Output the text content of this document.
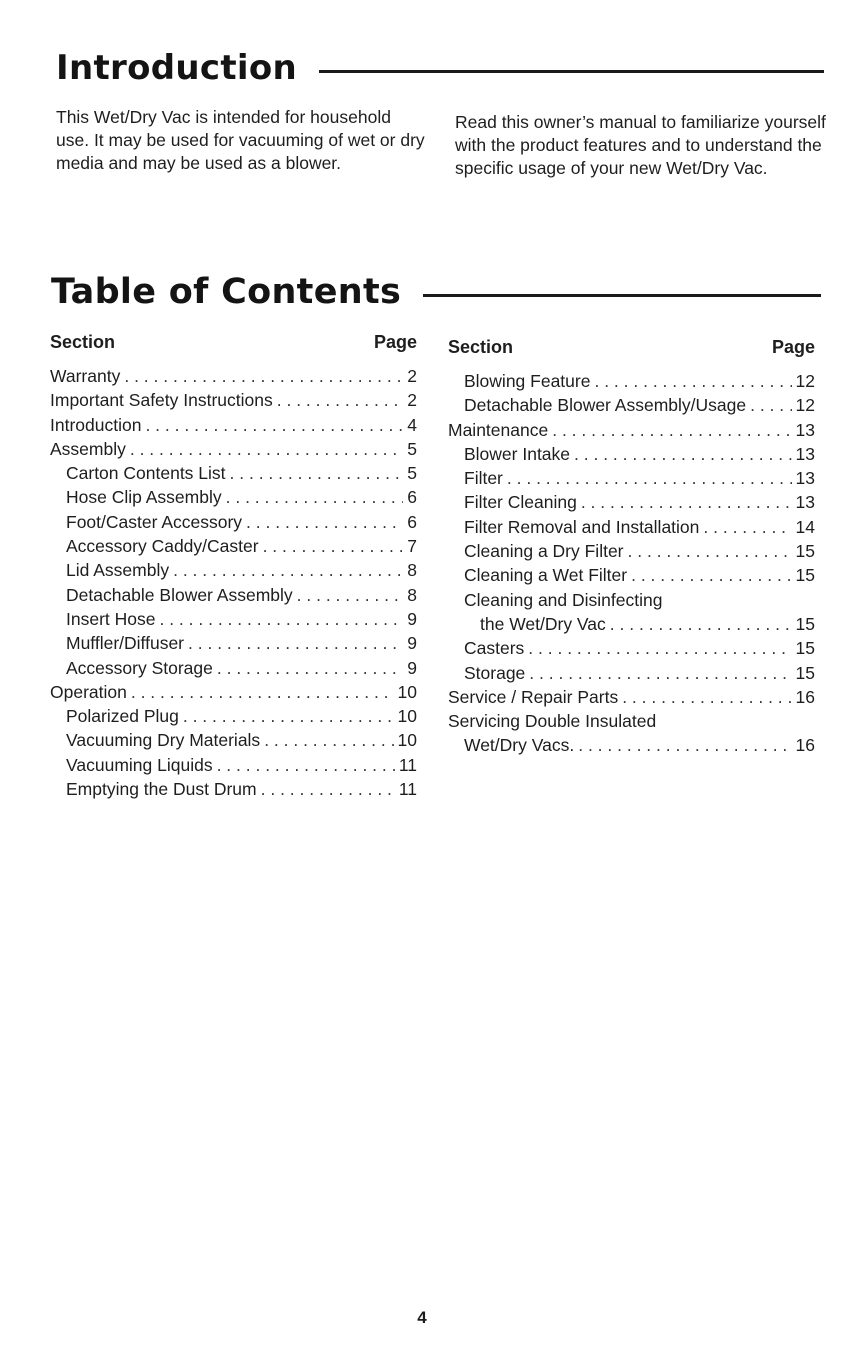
Introduction
This Wet/Dry Vac is intended for household use. It may be used for vacuuming of wet or dry media and may be used as a blower.
Read this owner’s manual to familiarize yourself with the product features and to understand the specific usage of your new Wet/Dry Vac.
Table of Contents
Section	Page
Warranty . . .	2
Important Safety Instructions . . .	2
Introduction . . .	4
Assembly . . .	5
Carton Contents List . . .	5
Hose Clip Assembly . . .	6
Foot/Caster Accessory . . .	6
Accessory Caddy/Caster . . .	7
Lid Assembly . . .	8
Detachable Blower Assembly . . .	8
Insert Hose . . .	9
Muffler/Diffuser . . .	9
Accessory Storage . . .	9
Operation . . .	10
Polarized Plug . . .	10
Vacuuming Dry Materials . . .	10
Vacuuming Liquids . . .	11
Emptying the Dust Drum . . .	11
Section	Page
Blowing Feature . . .	12
Detachable Blower Assembly/Usage . . .	12
Maintenance . . .	13
Blower Intake . . .	13
Filter . . .	13
Filter Cleaning . . .	13
Filter Removal and Installation . . .	14
Cleaning a Dry Filter . . .	15
Cleaning a Wet Filter . . .	15
Cleaning and Disinfecting
the Wet/Dry Vac . . .	15
Casters . . .	15
Storage . . .	15
Service / Repair Parts . . .	16
Servicing Double Insulated
Wet/Dry Vacs. . . .	16
4
